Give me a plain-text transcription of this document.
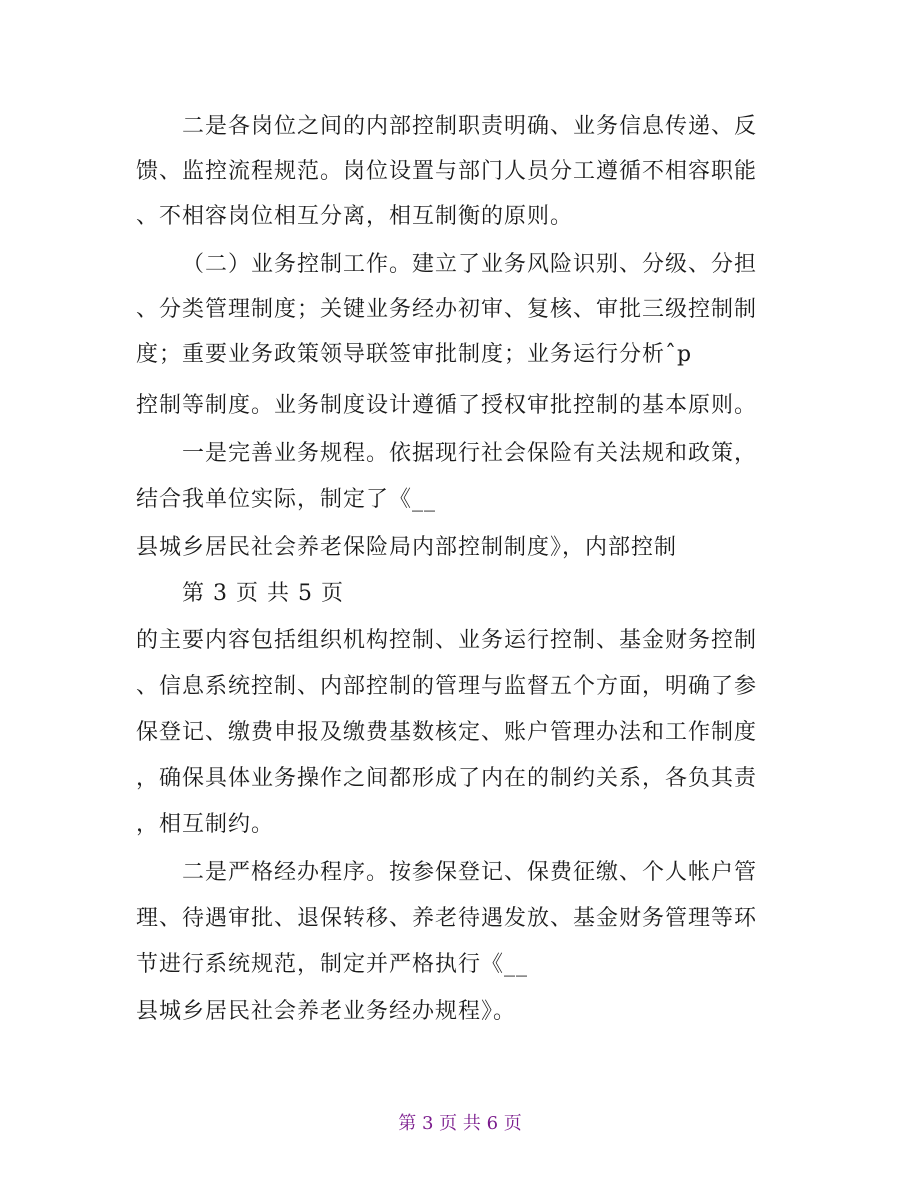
二是各岗位之间的内部控制职责明确、业务信息传递、反
馈、监控流程规范。岗位设置与部门人员分工遵循不相容职能
、不相容岗位相互分离，相互制衡的原则。
（二）业务控制工作。建立了业务风险识别、分级、分担
、分类管理制度；关键业务经办初审、复核、审批三级控制制
度；重要业务政策领导联签审批制度；业务运行分析ˆp
控制等制度。业务制度设计遵循了授权审批控制的基本原则。
一是完善业务规程。依据现行社会保险有关法规和政策，
结合我单位实际，制定了《__
县城乡居民社会养老保险局内部控制制度》，内部控制
第 3 页 共 5 页
的主要内容包括组织机构控制、业务运行控制、基金财务控制
、信息系统控制、内部控制的管理与监督五个方面，明确了参
保登记、缴费申报及缴费基数核定、账户管理办法和工作制度
，确保具体业务操作之间都形成了内在的制约关系，各负其责
，相互制约。
二是严格经办程序。按参保登记、保费征缴、个人帐户管
理、待遇审批、退保转移、养老待遇发放、基金财务管理等环
节进行系统规范，制定并严格执行《__
县城乡居民社会养老业务经办规程》。
第 3 页 共 6 页
